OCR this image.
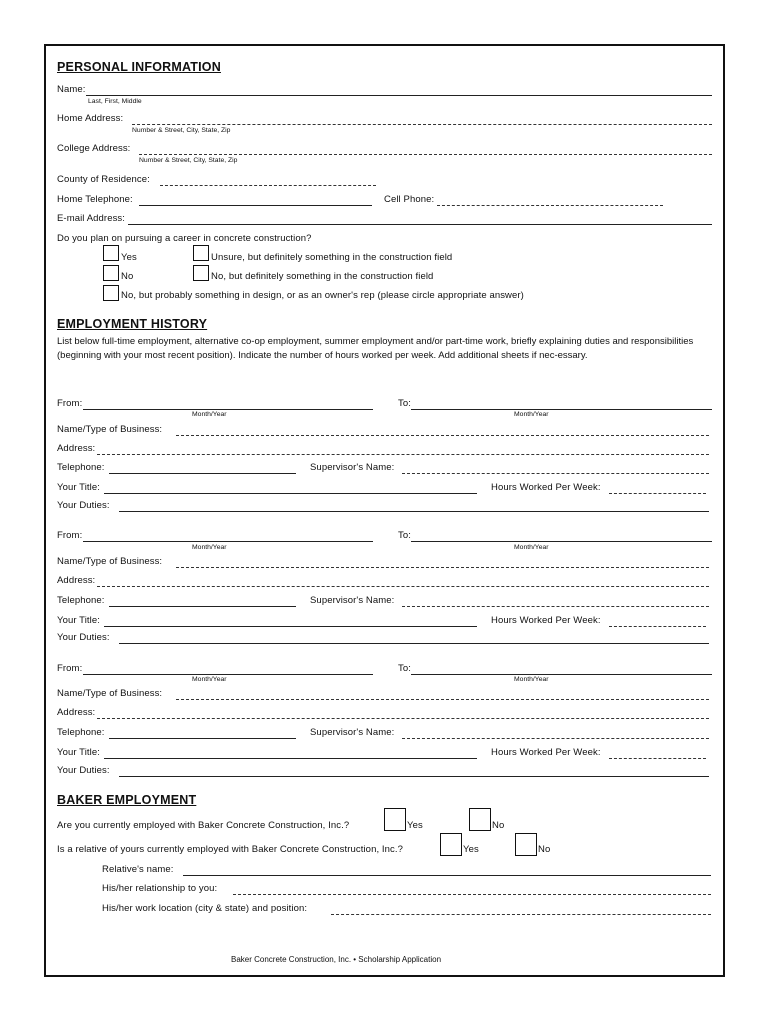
PERSONAL INFORMATION
Name:
Last, First, Middle
Home Address:
Number & Street, City, State, Zip
College Address:
Number & Street, City, State, Zip
County of Residence:
Home Telephone:	Cell Phone:
E-mail Address:
Do you plan on pursuing a career in concrete construction?
Yes	Unsure, but definitely something in the construction field
No	No, but definitely something in the construction field
No, but probably something in design, or as an owner's rep (please circle appropriate answer)
EMPLOYMENT HISTORY
List below full-time employment, alternative co-op employment, summer employment and/or part-time work, briefly explaining duties and responsibilities (beginning with your most recent position). Indicate the number of hours worked per week. Add additional sheets if nec-essary.
From:
Month/Year
To:
Month/Year
Name/Type of Business:
Address:
Telephone:	Supervisor's Name:
Your Title:	Hours Worked Per Week:
Your Duties:
From:
Month/Year
To:
Month/Year
Name/Type of Business:
Address:
Telephone:	Supervisor's Name:
Your Title:	Hours Worked Per Week:
Your Duties:
From:
Month/Year
To:
Month/Year
Name/Type of Business:
Address:
Telephone:	Supervisor's Name:
Your Title:	Hours Worked Per Week:
Your Duties:
BAKER EMPLOYMENT
Are you currently employed with Baker Concrete Construction, Inc.?	Yes	No
Is a relative of yours currently employed with Baker Concrete Construction, Inc.?	Yes	No
Relative's name:
His/her relationship to you:
His/her work location (city & state) and position:
Baker Concrete Construction, Inc. • Scholarship Application
